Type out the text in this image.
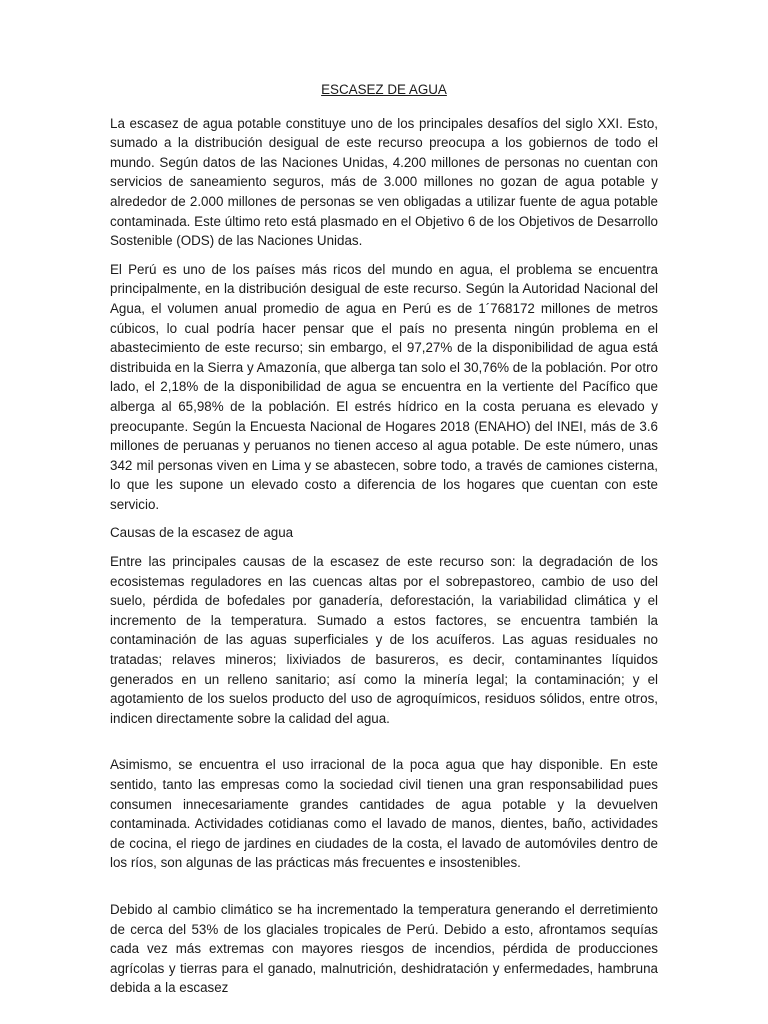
ESCASEZ DE AGUA

La escasez de agua potable constituye uno de los principales desafíos del siglo XXI. Esto, sumado a la distribución desigual de este recurso preocupa a los gobiernos de todo el mundo. Según datos de las Naciones Unidas, 4.200 millones de personas no cuentan con servicios de saneamiento seguros, más de 3.000 millones no gozan de agua potable y alrededor de 2.000 millones de personas se ven obligadas a utilizar fuente de agua potable contaminada. Este último reto está plasmado en el Objetivo 6 de los Objetivos de Desarrollo Sostenible (ODS) de las Naciones Unidas.

El Perú es uno de los países más ricos del mundo en agua, el problema se encuentra principalmente, en la distribución desigual de este recurso. Según la Autoridad Nacional del Agua, el volumen anual promedio de agua en Perú es de 1´768172 millones de metros cúbicos, lo cual podría hacer pensar que el país no presenta ningún problema en el abastecimiento de este recurso; sin embargo, el 97,27% de la disponibilidad de agua está distribuida en la Sierra y Amazonía, que alberga tan solo el 30,76% de la población. Por otro lado, el 2,18% de la disponibilidad de agua se encuentra en la vertiente del Pacífico que alberga al 65,98% de la población. El estrés hídrico en la costa peruana es elevado y preocupante. Según la Encuesta Nacional de Hogares 2018 (ENAHO) del INEI, más de 3.6 millones de peruanas y peruanos no tienen acceso al agua potable. De este número, unas 342 mil personas viven en Lima y se abastecen, sobre todo, a través de camiones cisterna, lo que les supone un elevado costo a diferencia de los hogares que cuentan con este servicio.

Causas de la escasez de agua

Entre las principales causas de la escasez de este recurso son: la degradación de los ecosistemas reguladores en las cuencas altas por el sobrepastoreo, cambio de uso del suelo, pérdida de bofedales por ganadería, deforestación, la variabilidad climática y el incremento de la temperatura. Sumado a estos factores, se encuentra también la contaminación de las aguas superficiales y de los acuíferos. Las aguas residuales no tratadas; relaves mineros; lixiviados de basureros, es decir, contaminantes líquidos generados en un relleno sanitario; así como la minería legal; la contaminación; y el agotamiento de los suelos producto del uso de agroquímicos, residuos sólidos, entre otros, indicen directamente sobre la calidad del agua.

Asimismo, se encuentra el uso irracional de la poca agua que hay disponible. En este sentido, tanto las empresas como la sociedad civil tienen una gran responsabilidad pues consumen innecesariamente grandes cantidades de agua potable y la devuelven contaminada. Actividades cotidianas como el lavado de manos, dientes, baño, actividades de cocina, el riego de jardines en ciudades de la costa, el lavado de automóviles dentro de los ríos, son algunas de las prácticas más frecuentes e insostenibles.

Debido al cambio climático se ha incrementado la temperatura generando el derretimiento de cerca del 53% de los glaciales tropicales de Perú. Debido a esto, afrontamos sequías cada vez más extremas con mayores riesgos de incendios, pérdida de producciones agrícolas y tierras para el ganado, malnutrición, deshidratación y enfermedades, hambruna debida a la escasez
